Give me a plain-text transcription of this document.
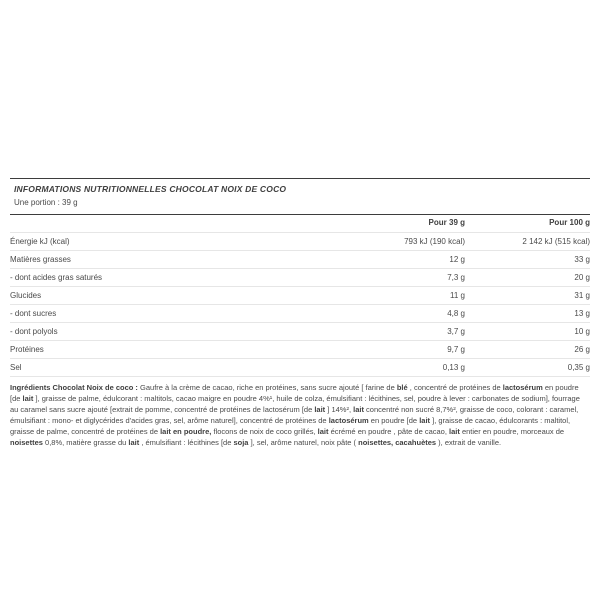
INFORMATIONS NUTRITIONNELLES CHOCOLAT NOIX DE COCO

Une portion : 39 g

	Pour 39 g	Pour 100 g
Énergie kJ (kcal)	793 kJ (190 kcal)	2 142 kJ (515 kcal)
Matières grasses	12 g	33 g
- dont acides gras saturés	7,3 g	20 g
Glucides	11 g	31 g
- dont sucres	4,8 g	13 g
- dont polyols	3,7 g	10 g
Protéines	9,7 g	26 g
Sel	0,13 g	0,35 g

Ingrédients Chocolat Noix de coco : Gaufre à la crème de cacao, riche en protéines, sans sucre ajouté [ farine de blé , concentré de protéines de lactosérum en poudre [de lait ], graisse de palme, édulcorant : maltitols, cacao maigre en poudre 4%¹, huile de colza, émulsifiant : lécithines, sel, poudre à lever : carbonates de sodium], fourrage au caramel sans sucre ajouté [extrait de pomme, concentré de protéines de lactosérum [de lait ] 14%², lait concentré non sucré 8,7%², graisse de coco, colorant : caramel, émulsifiant : mono- et diglycérides d'acides gras, sel, arôme naturel], concentré de protéines de lactosérum en poudre [de lait ], graisse de cacao, édulcorants : maltitol, graisse de palme, concentré de protéines de lait en poudre, flocons de noix de coco grillés, lait écrémé en poudre , pâte de cacao, lait entier en poudre, morceaux de noisettes 0,8%, matière grasse du lait , émulsifiant : lécithines [de soja ], sel, arôme naturel, noix pâte ( noisettes, cacahuètes ), extrait de vanille.
